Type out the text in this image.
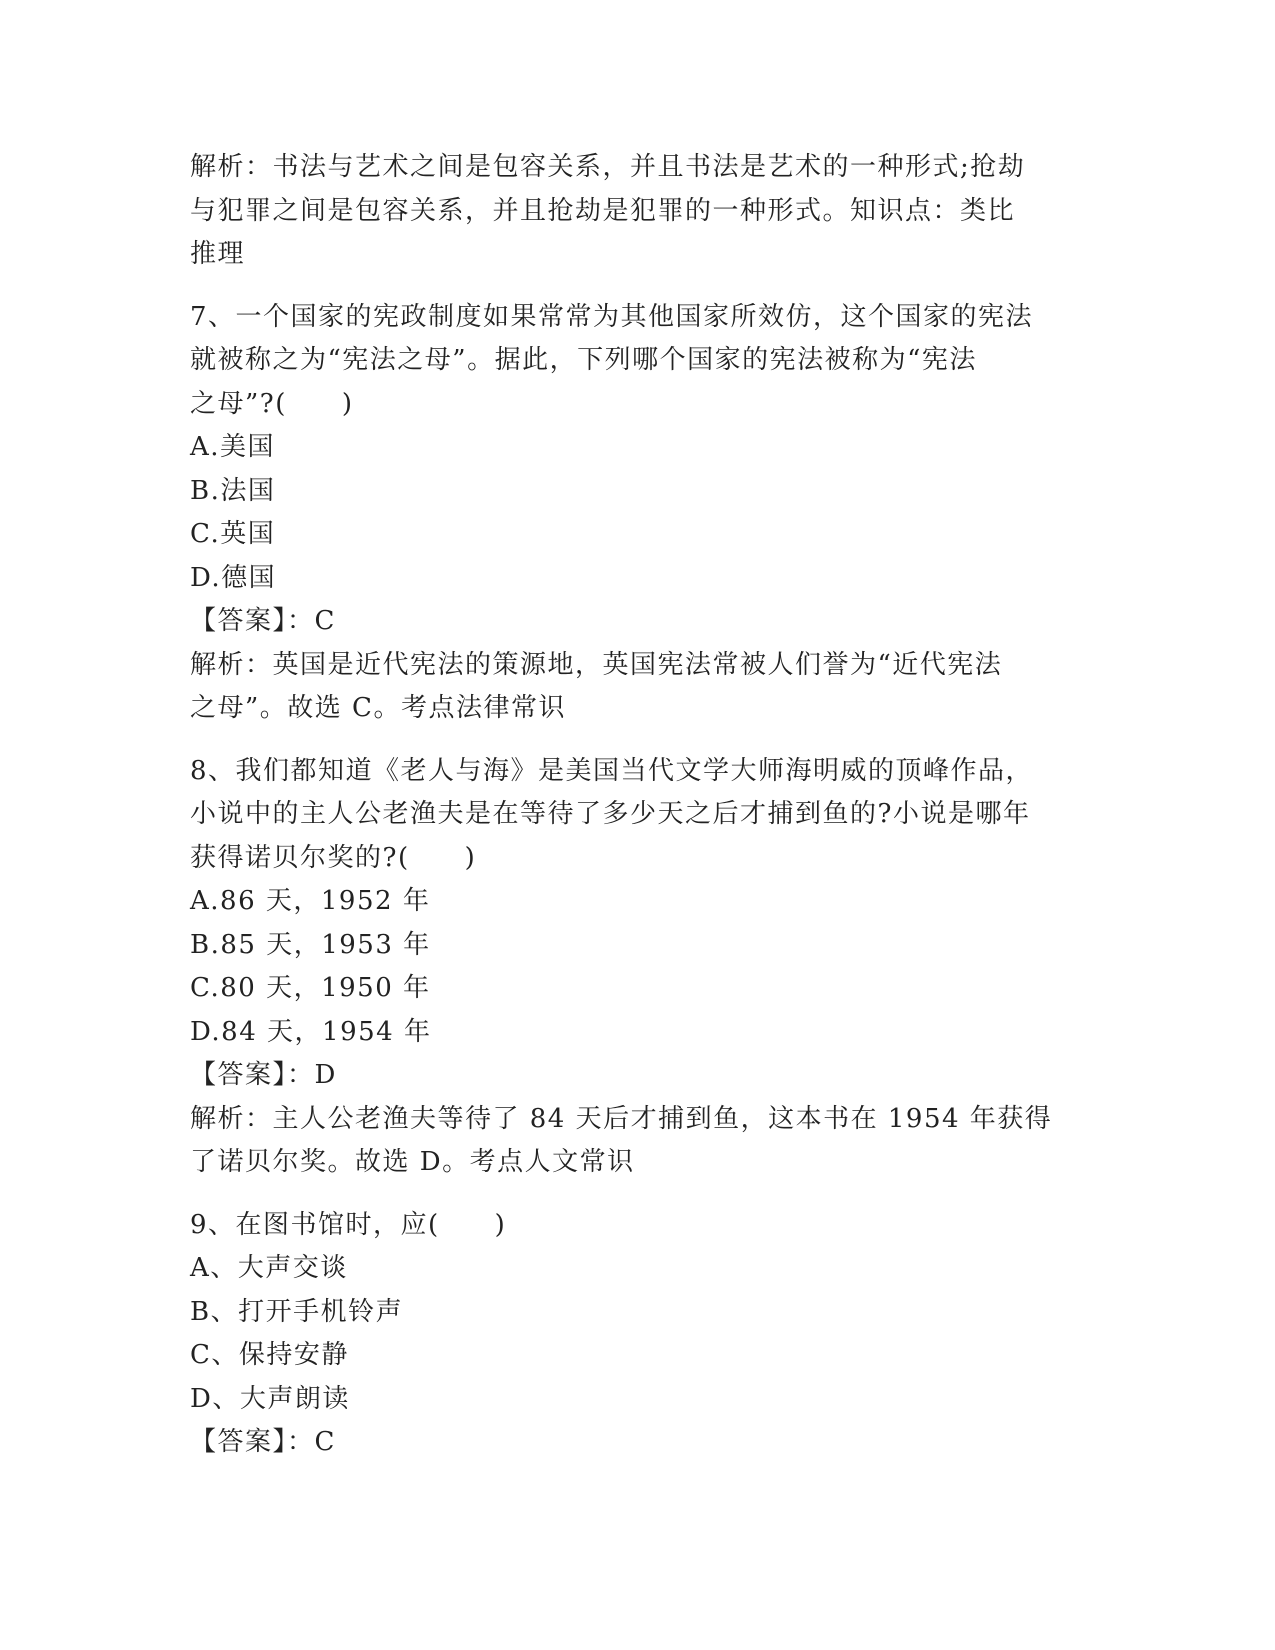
解析：书法与艺术之间是包容关系，并且书法是艺术的一种形式;抢劫
与犯罪之间是包容关系，并且抢劫是犯罪的一种形式。知识点：类比
推理
7、一个国家的宪政制度如果常常为其他国家所效仿，这个国家的宪法
就被称之为“宪法之母”。据此，下列哪个国家的宪法被称为“宪法
之母”?(　　)
A.美国
B.法国
C.英国
D.德国
【答案】：C
解析：英国是近代宪法的策源地，英国宪法常被人们誉为“近代宪法
之母”。故选 C。考点法律常识
8、我们都知道《老人与海》是美国当代文学大师海明威的顶峰作品，
小说中的主人公老渔夫是在等待了多少天之后才捕到鱼的?小说是哪年
获得诺贝尔奖的?(　　)
A.86 天，1952 年
B.85 天，1953 年
C.80 天，1950 年
D.84 天，1954 年
【答案】：D
解析：主人公老渔夫等待了 84 天后才捕到鱼，这本书在 1954 年获得
了诺贝尔奖。故选 D。考点人文常识
9、在图书馆时，应(　　)
A、大声交谈
B、打开手机铃声
C、保持安静
D、大声朗读
【答案】：C
